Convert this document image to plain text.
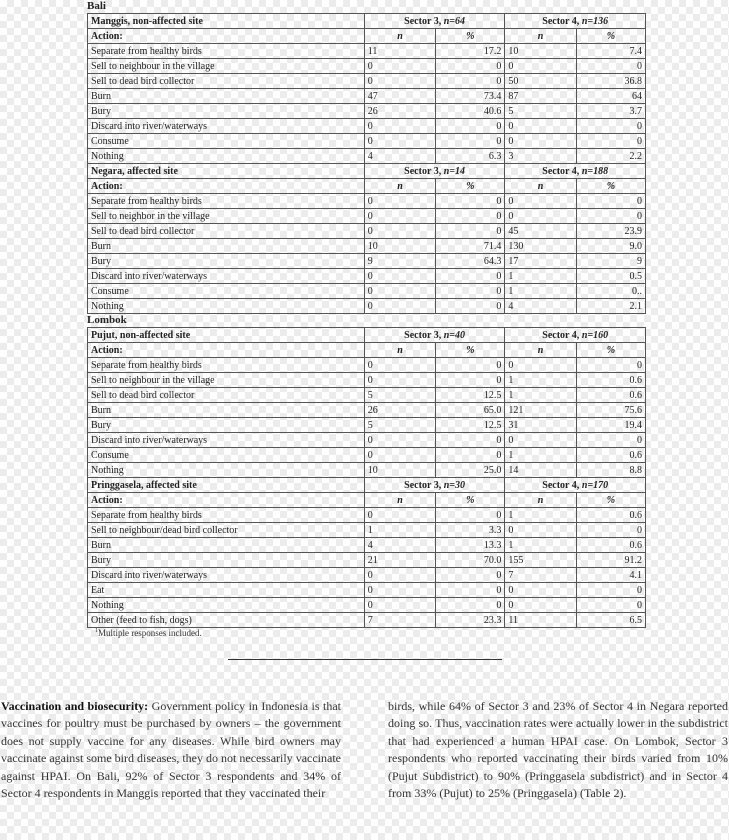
Bali
Manggis, non-affected site	Sector 3, n=64		Sector 4, n=136	
Action:	n	%	n	%
Separate from healthy birds	11	17.2	10	7.4
Sell to neighbour in the village	0	0	0	0
Sell to dead bird collector	0	0	50	36.8
Burn	47	73.4	87	64
Bury	26	40.6	5	3.7
Discard into river/waterways	0	0	0	0
Consume	0	0	0	0
Nothing	4	6.3	3	2.2
Negara, affected site	Sector 3, n=14		Sector 4, n=188	
Action:	n	%	n	%
Separate from healthy birds	0	0	0	0
Sell to neighbor in the village	0	0	0	0
Sell to dead bird collector	0	0	45	23.9
Burn	10	71.4	130	9.0
Bury	9	64.3	17	9
Discard into river/waterways	0	0	1	0.5
Consume	0	0	1	0..
Nothing	0	0	4	2.1
Lombok
Pujut, non-affected site	Sector 3, n=40		Sector 4, n=160	
Action:	n	%	n	%
Separate from healthy birds	0	0	0	0
Sell to neighbour in the village	0	0	1	0.6
Sell to dead bird collector	5	12.5	1	0.6
Burn	26	65.0	121	75.6
Bury	5	12.5	31	19.4
Discard into river/waterways	0	0	0	0
Consume	0	0	1	0.6
Nothing	10	25.0	14	8.8
Pringgasela, affected site	Sector 3, n=30		Sector 4, n=170	
Action:	n	%	n	%
Separate from healthy birds	0	0	1	0.6
Sell to neighbour/dead bird collector	1	3.3	0	0
Burn	4	13.3	1	0.6
Bury	21	70.0	155	91.2
Discard into river/waterways	0	0	7	4.1
Eat	0	0	0	0
Nothing	0	0	0	0
Other (feed to fish, dogs)	7	23.3	11	6.5
$^1$Multiple responses included.
Vaccination and biosecurity: Government policy in Indonesia is that vaccines for poultry must be purchased by owners – the government does not supply vaccine for any diseases. While bird owners may vaccinate against some bird diseases, they do not necessarily vaccinate against HPAI. On Bali, 92% of Sector 3 respondents and 34% of Sector 4 respondents in Manggis reported that they vaccinated their
birds, while 64% of Sector 3 and 23% of Sector 4 in Negara reported doing so. Thus, vaccination rates were actually lower in the subdistrict that had experienced a human HPAI case. On Lombok, Sector 3 respondents who reported vaccinating their birds varied from 10% (Pujut Subdistrict) to 90% (Pringgasela subdistrict) and in Sector 4 from 33% (Pujut) to 25% (Pringgasela) (Table 2).
